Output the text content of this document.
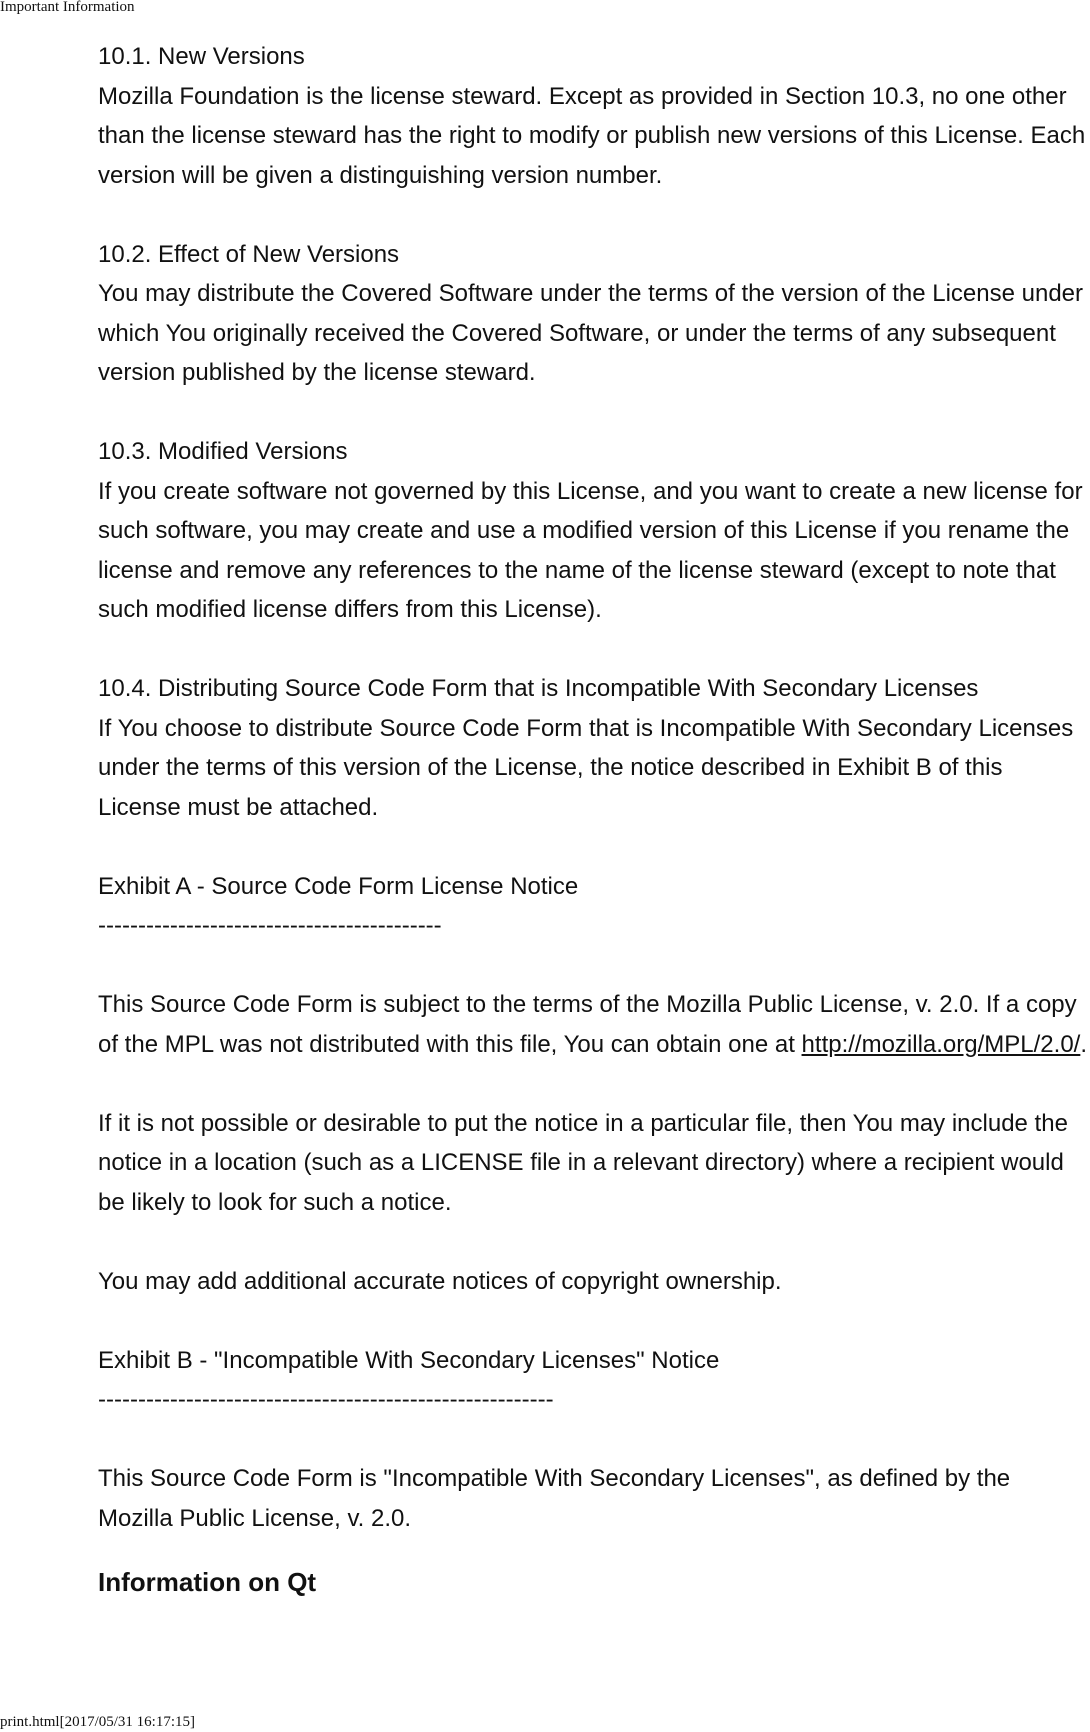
Important Information

10.1. New Versions

Mozilla Foundation is the license steward. Except as provided in Section 10.3, no one other than the license steward has the right to modify or publish new versions of this License. Each version will be given a distinguishing version number.

10.2. Effect of New Versions

You may distribute the Covered Software under the terms of the version of the License under which You originally received the Covered Software, or under the terms of any subsequent version published by the license steward.

10.3. Modified Versions

If you create software not governed by this License, and you want to create a new license for such software, you may create and use a modified version of this License if you rename the license and remove any references to the name of the license steward (except to note that such modified license differs from this License).

10.4. Distributing Source Code Form that is Incompatible With Secondary Licenses

If You choose to distribute Source Code Form that is Incompatible With Secondary Licenses under the terms of this version of the License, the notice described in Exhibit B of this License must be attached.

Exhibit A - Source Code Form License Notice

-------------------------------------------

This Source Code Form is subject to the terms of the Mozilla Public License, v. 2.0. If a copy of the MPL was not distributed with this file, You can obtain one at http://mozilla.org/MPL/2.0/.

If it is not possible or desirable to put the notice in a particular file, then You may include the notice in a location (such as a LICENSE file in a relevant directory) where a recipient would be likely to look for such a notice.

You may add additional accurate notices of copyright ownership.

Exhibit B - "Incompatible With Secondary Licenses" Notice

---------------------------------------------------------

This Source Code Form is "Incompatible With Secondary Licenses", as defined by the Mozilla Public License, v. 2.0.

Information on Qt
print.html[2017/05/31 16:17:15]
